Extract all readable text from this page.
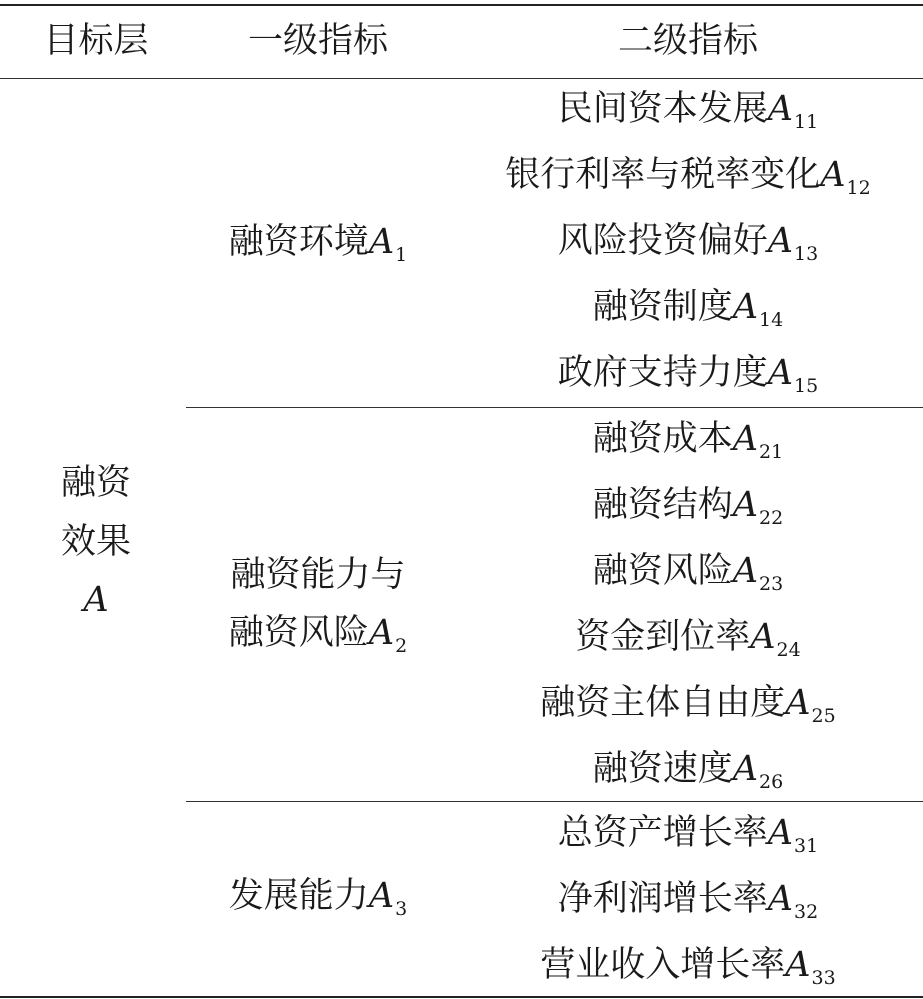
目标层	一级指标	二级指标
融资
效果
A
融资环境$A_1$
融资能力与
融资风险$A_2$
发展能力$A_3$
民间资本发展$A_{11}$
银行利率与税率变化$A_{12}$
风险投资偏好$A_{13}$
融资制度$A_{14}$
政府支持力度$A_{15}$
融资成本$A_{21}$
融资结构$A_{22}$
融资风险$A_{23}$
资金到位率$A_{24}$
融资主体自由度$A_{25}$
融资速度$A_{26}$
总资产增长率$A_{31}$
净利润增长率$A_{32}$
营业收入增长率$A_{33}$
